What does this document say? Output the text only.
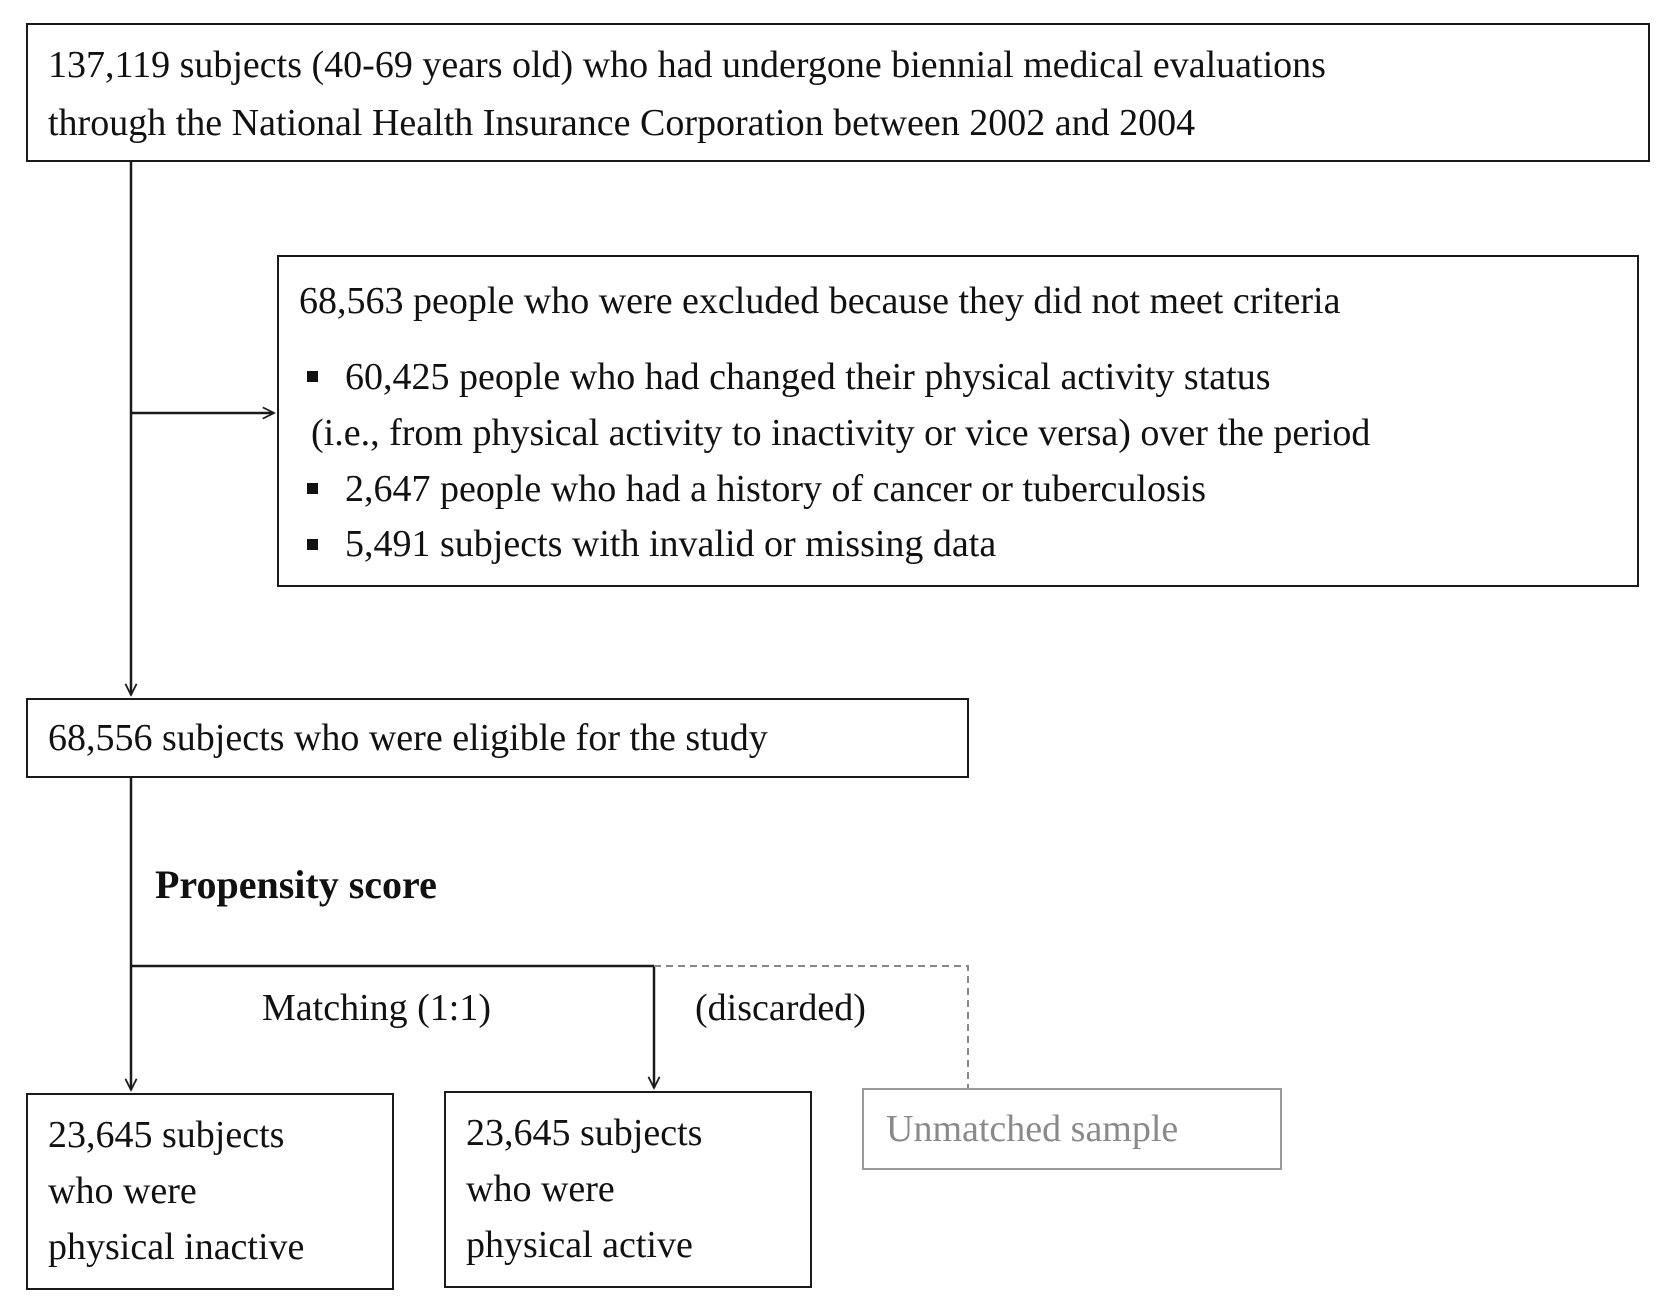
137,119 subjects (40-69 years old) who had undergone biennial medical evaluations
through the National Health Insurance Corporation between 2002 and 2004
68,563 people who were excluded because they did not meet criteria
60,425 people who had changed their physical activity status
(i.e., from physical activity to inactivity or vice versa) over the period
2,647 people who had a history of cancer or tuberculosis
5,491 subjects with invalid or missing data
68,556 subjects who were eligible for the study
Propensity score
Matching (1:1)	(discarded)
23,645 subjects
who were
physical inactive
23,645 subjects
who were
physical active
Unmatched sample
